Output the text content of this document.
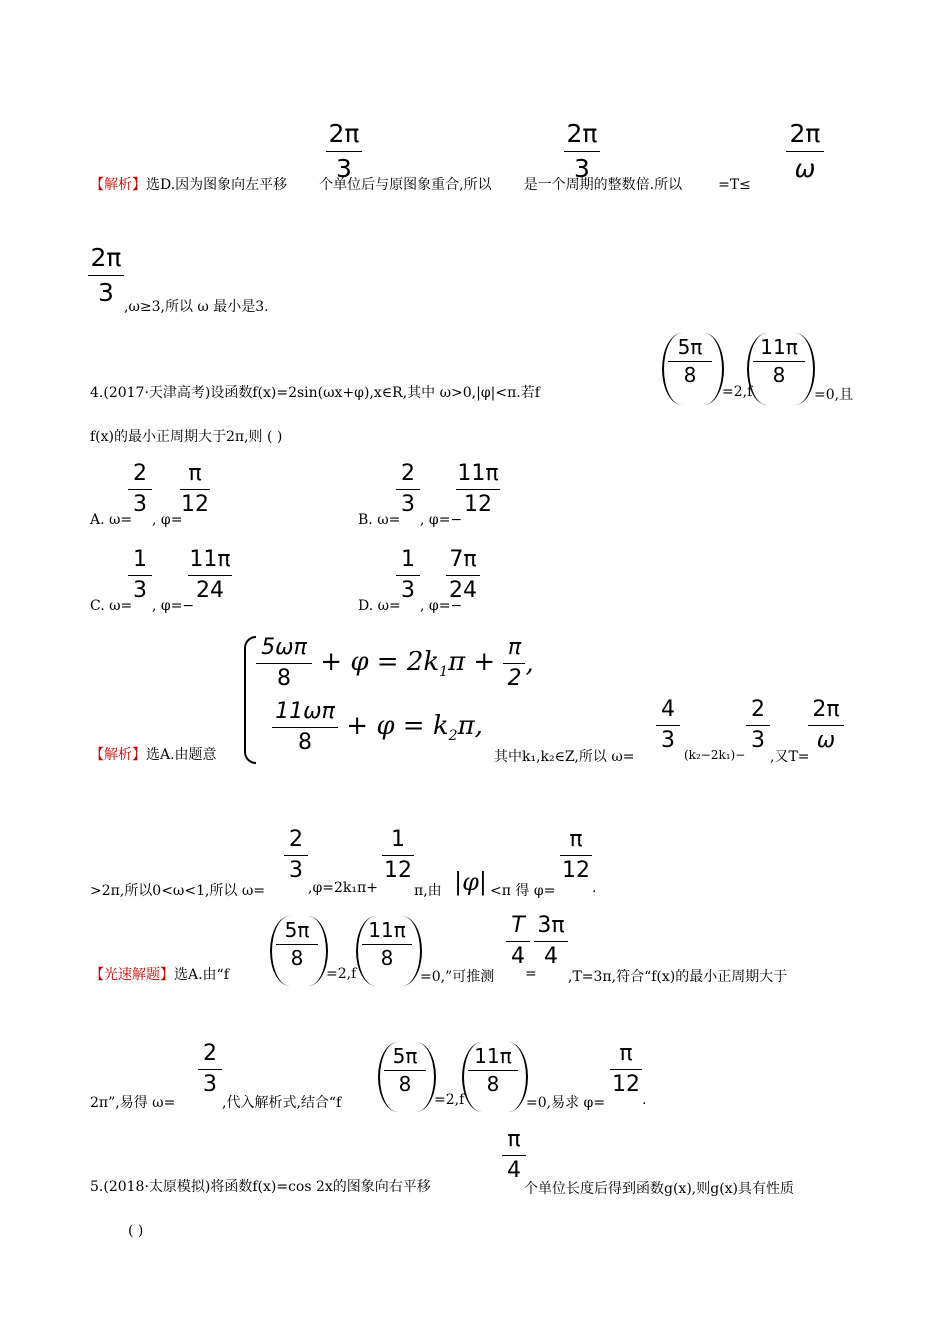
2π
3
2π
3
2π
ω
【解析】选D.因为图象向左平移 个单位后与原图象重合,所以 是一个周期的整数倍.所以	=T≤
2π
3 ,ω≥3,所以 ω 最小是3.
5π
8
11π
8
4.(2017·天津高考)设函数f(x)=2sin(ωx+φ),x∈R,其中 ω>0,|φ|<π.若f	=2,f	=0,且
f(x)的最小正周期大于2π,则 ( )
2
3
π
12
A. ω= , φ=
2
3
11π
12
B. ω= , φ=−
1
3
11π
24
C. ω= , φ=−
1
3
7π
24
D. ω= , φ=−
$\frac{5\omega\pi}{8} + \varphi = 2k_1\pi + \frac{\pi}{2}$ ,
$\frac{11\omega\pi}{8} + \varphi = k_2\pi$,
4
3
2
3
2π
ω
【解析】选A.由题意	其中k₁,k₂∈Z,所以 ω=	(k₂−2k₁)− ,又T=
2
3
1
12
π
12
>2π,所以0<ω<1,所以 ω=	,φ=2k₁π+	π,由 |φ| <π 得 φ=	.
5π
8
11π
8
T
4
3π
4
【光速解题】选A.由“f	=2,f	=0,”可推测 = ,T=3π,符合“f(x)的最小正周期大于
2
3
5π
8
11π
8
π
12
2π”,易得 ω=	,代入解析式,结合“f	=2,f	=0,易求 φ=	.
π
4
5.(2018·太原模拟)将函数f(x)=cos 2x的图象向右平移	个单位长度后得到函数g(x),则g(x)具有性质
( )
